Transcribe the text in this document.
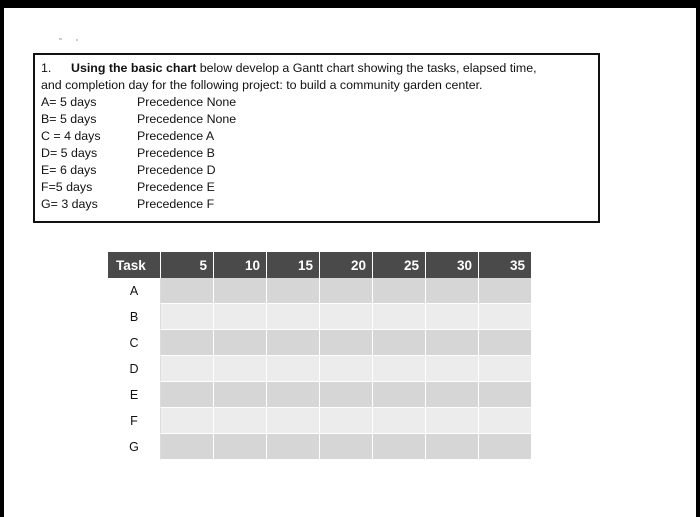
1. Using the basic chart below develop a Gantt chart showing the tasks, elapsed time,
and completion day for the following project: to build a community garden center.
A= 5 days	Precedence None
B= 5 days	Precedence None
C = 4 days	Precedence A
D= 5 days	Precedence B
E= 6 days	Precedence D
F=5 days	Precedence E
G= 3 days	Precedence F
Task	5	10	15	20	25	30	35
A							
B							
C							
D							
E							
F							
G							
